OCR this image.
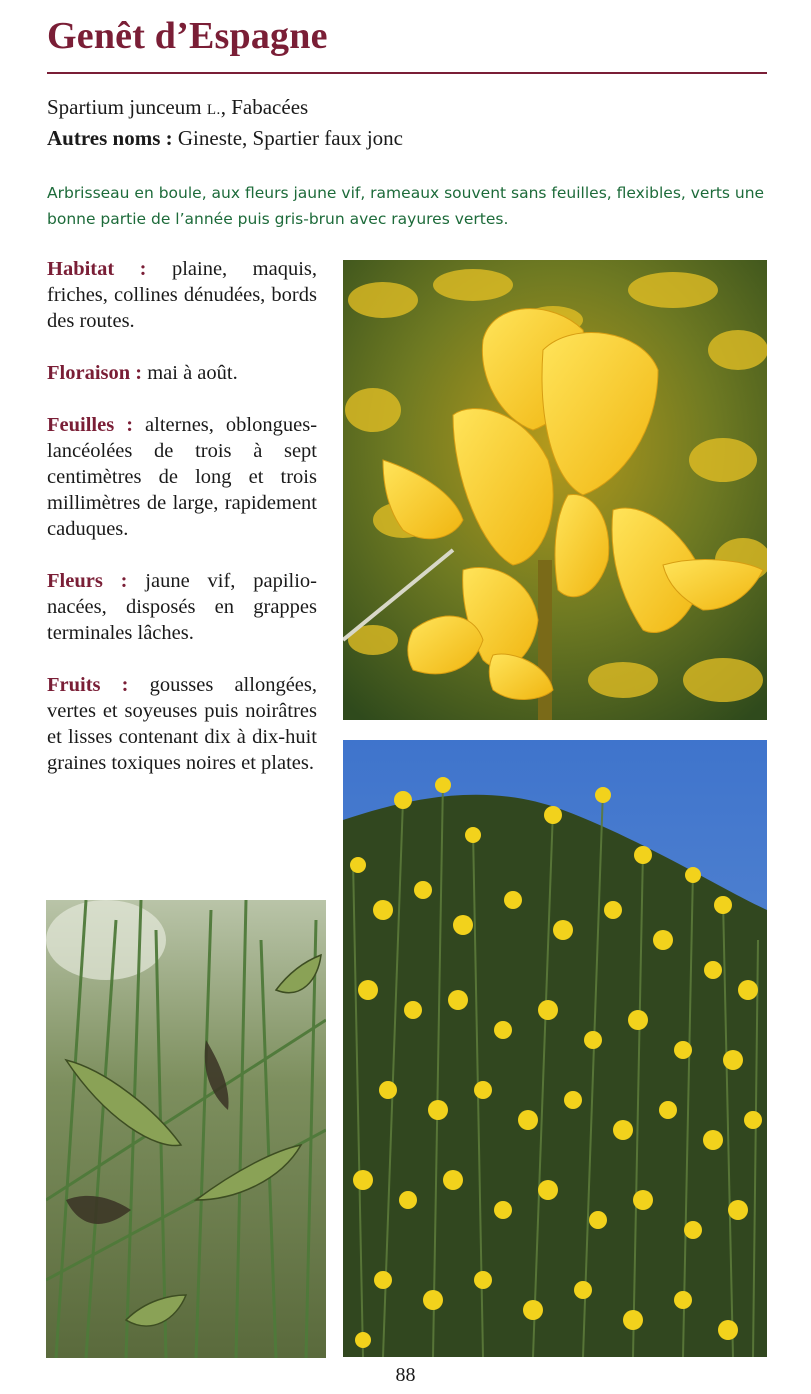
Genêt d’Espagne
Spartium junceum L., Fabacées
Autres noms : Gineste, Spartier faux jonc
Arbrisseau en boule, aux fleurs jaune vif, rameaux souvent sans feuilles, flexibles, verts une bonne partie de l’année puis gris-brun avec rayures vertes.

Habitat : plaine, maquis, friches, collines dénudées, bords des routes.

Floraison : mai à août.

Feuilles : alternes, oblongues-lancéolées de trois à sept centimètres de long et trois millimètres de large, rapidement caduques.

Fleurs : jaune vif, papilionacées, disposés en grappes terminales lâches.

Fruits : gousses allongées, vertes et soyeuses puis noirâtres et lisses contenant dix à dix-huit graines toxiques noires et plates.

88
